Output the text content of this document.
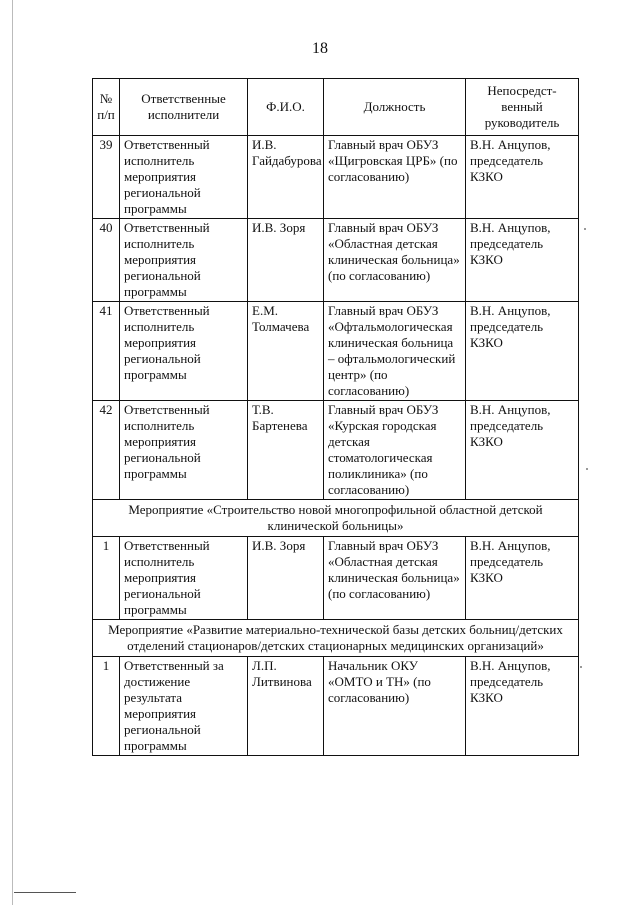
18
№ п/п	Ответственные исполнители	Ф.И.О.	Должность	Непосредст-венный руководитель
39	Ответственный исполнитель мероприятия региональной программы	И.В. Гайдабурова	Главный врач ОБУЗ «Щигровская ЦРБ» (по согласованию)	В.Н. Анцупов, председатель КЗКО
40	Ответственный исполнитель мероприятия региональной программы	И.В. Зоря	Главный врач ОБУЗ «Областная детская клиническая больница» (по согласованию)	В.Н. Анцупов, председатель КЗКО
41	Ответственный исполнитель мероприятия региональной программы	Е.М. Толмачева	Главный врач ОБУЗ «Офтальмологическая клиническая больница – офтальмологический центр» (по согласованию)	В.Н. Анцупов, председатель КЗКО
42	Ответственный исполнитель мероприятия региональной программы	Т.В. Бартенева	Главный врач ОБУЗ «Курская городская детская стоматологическая поликлиника» (по согласованию)	В.Н. Анцупов, председатель КЗКО
Мероприятие «Строительство новой многопрофильной областной детской клинической больницы»				
1	Ответственный исполнитель мероприятия региональной программы	И.В. Зоря	Главный врач ОБУЗ «Областная детская клиническая больница» (по согласованию)	В.Н. Анцупов, председатель КЗКО
Мероприятие «Развитие материально-технической базы детских больниц/детских отделений стационаров/детских стационарных медицинских организаций»				
1	Ответственный за достижение результата мероприятия региональной программы	Л.П. Литвинова	Начальник ОКУ «ОМТО и ТН» (по согласованию)	В.Н. Анцупов, председатель КЗКО
